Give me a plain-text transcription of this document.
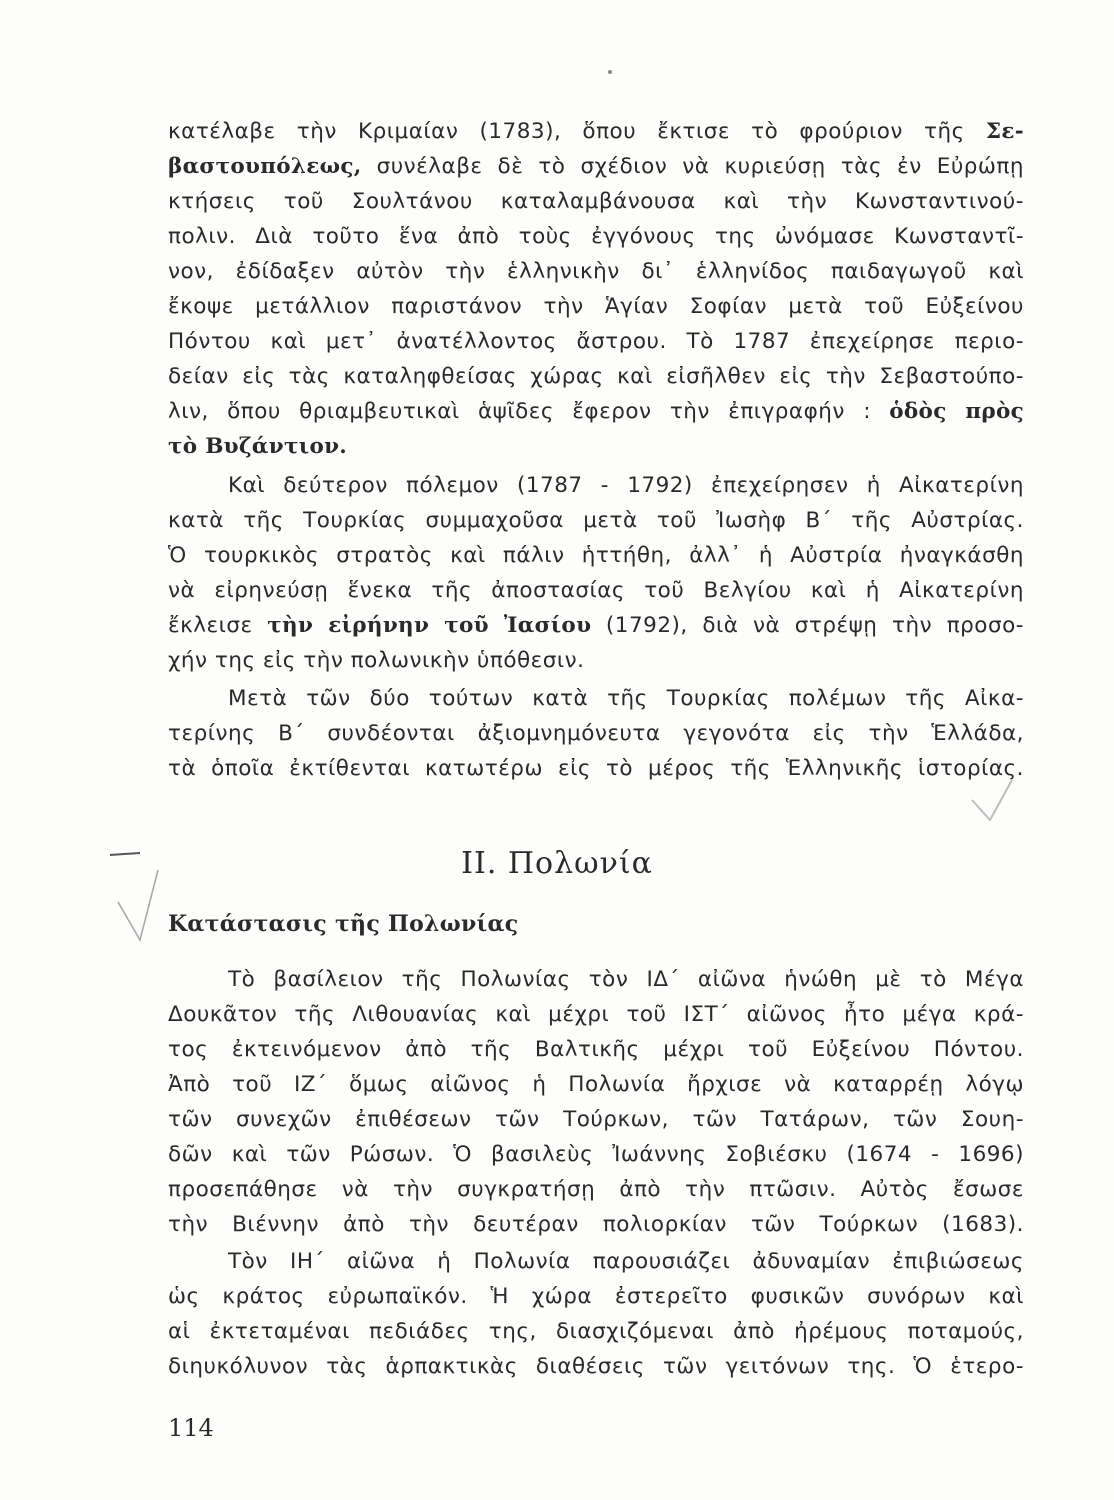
κατέλαβε τὴν Κριμαίαν (1783), ὅπου ἔκτισε τὸ φρούριον τῆς Σε-
βαστουπόλεως, συνέλαβε δὲ τὸ σχέδιον νὰ κυριεύσῃ τὰς ἐν Εὐρώπῃ
κτήσεις τοῦ Σουλτάνου καταλαμβάνουσα καὶ τὴν Κωνσταντινού-
πολιν. Διὰ τοῦτο ἕνα ἀπὸ τοὺς ἐγγόνους της ὠνόμασε Κωνσταντῖ-
νον, ἐδίδαξεν αὐτὸν τὴν ἑλληνικὴν δι᾽ ἑλληνίδος παιδαγωγοῦ καὶ
ἔκοψε μετάλλιον παριστάνον τὴν Ἁγίαν Σοφίαν μετὰ τοῦ Εὐξείνου
Πόντου καὶ μετ᾽ ἀνατέλλοντος ἄστρου. Τὸ 1787 ἐπεχείρησε περιο-
δείαν εἰς τὰς καταληφθείσας χώρας καὶ εἰσῆλθεν εἰς τὴν Σεβαστούπο-
λιν, ὅπου θριαμβευτικαὶ ἁψῖδες ἔφερον τὴν ἐπιγραφήν : ὁδὸς πρὸς
τὸ Βυζάντιον.
Καὶ δεύτερον πόλεμον (1787 - 1792) ἐπεχείρησεν ἡ Αἰκατερίνη
κατὰ τῆς Τουρκίας συμμαχοῦσα μετὰ τοῦ Ἰωσὴφ Β΄ τῆς Αὐστρίας.
Ὁ τουρκικὸς στρατὸς καὶ πάλιν ἡττήθη, ἀλλ᾽ ἡ Αὐστρία ἠναγκάσθη
νὰ εἰρηνεύσῃ ἕνεκα τῆς ἀποστασίας τοῦ Βελγίου καὶ ἡ Αἰκατερίνη
ἔκλεισε τὴν εἰρήνην τοῦ Ἰασίου (1792), διὰ νὰ στρέψῃ τὴν προσο-
χήν της εἰς τὴν πολωνικὴν ὑπόθεσιν.
Μετὰ τῶν δύο τούτων κατὰ τῆς Τουρκίας πολέμων τῆς Αἰκα-
τερίνης Β΄ συνδέονται ἀξιομνημόνευτα γεγονότα εἰς τὴν Ἑλλάδα,
τὰ ὁποῖα ἐκτίθενται κατωτέρω εἰς τὸ μέρος τῆς Ἑλληνικῆς ἱστορίας.
ΙΙ. Πολωνία
Κατάστασις τῆς Πολωνίας
Τὸ βασίλειον τῆς Πολωνίας τὸν ΙΔ΄ αἰῶνα ἡνώθη μὲ τὸ Μέγα
Δουκᾶτον τῆς Λιθουανίας καὶ μέχρι τοῦ ΙΣΤ΄ αἰῶνος ἦτο μέγα κρά-
τος ἐκτεινόμενον ἀπὸ τῆς Βαλτικῆς μέχρι τοῦ Εὐξείνου Πόντου.
Ἀπὸ τοῦ ΙΖ΄ ὅμως αἰῶνος ἡ Πολωνία ἤρχισε νὰ καταρρέῃ λόγῳ
τῶν συνεχῶν ἐπιθέσεων τῶν Τούρκων, τῶν Τατάρων, τῶν Σουη-
δῶν καὶ τῶν Ρώσων. Ὁ βασιλεὺς Ἰωάννης Σοβιέσκυ (1674 - 1696)
προσεπάθησε νὰ τὴν συγκρατήσῃ ἀπὸ τὴν πτῶσιν. Αὐτὸς ἔσωσε
τὴν Βιέννην ἀπὸ τὴν δευτέραν πολιορκίαν τῶν Τούρκων (1683).
Τὸν ΙΗ΄ αἰῶνα ἡ Πολωνία παρουσιάζει ἀδυναμίαν ἐπιβιώσεως
ὡς κράτος εὐρωπαϊκόν. Ἡ χώρα ἐστερεῖτο φυσικῶν συνόρων καὶ
αἱ ἐκτεταμέναι πεδιάδες της, διασχιζόμεναι ἀπὸ ἠρέμους ποταμούς,
διηυκόλυνον τὰς ἁρπακτικὰς διαθέσεις τῶν γειτόνων της. Ὁ ἑτερο-
114
